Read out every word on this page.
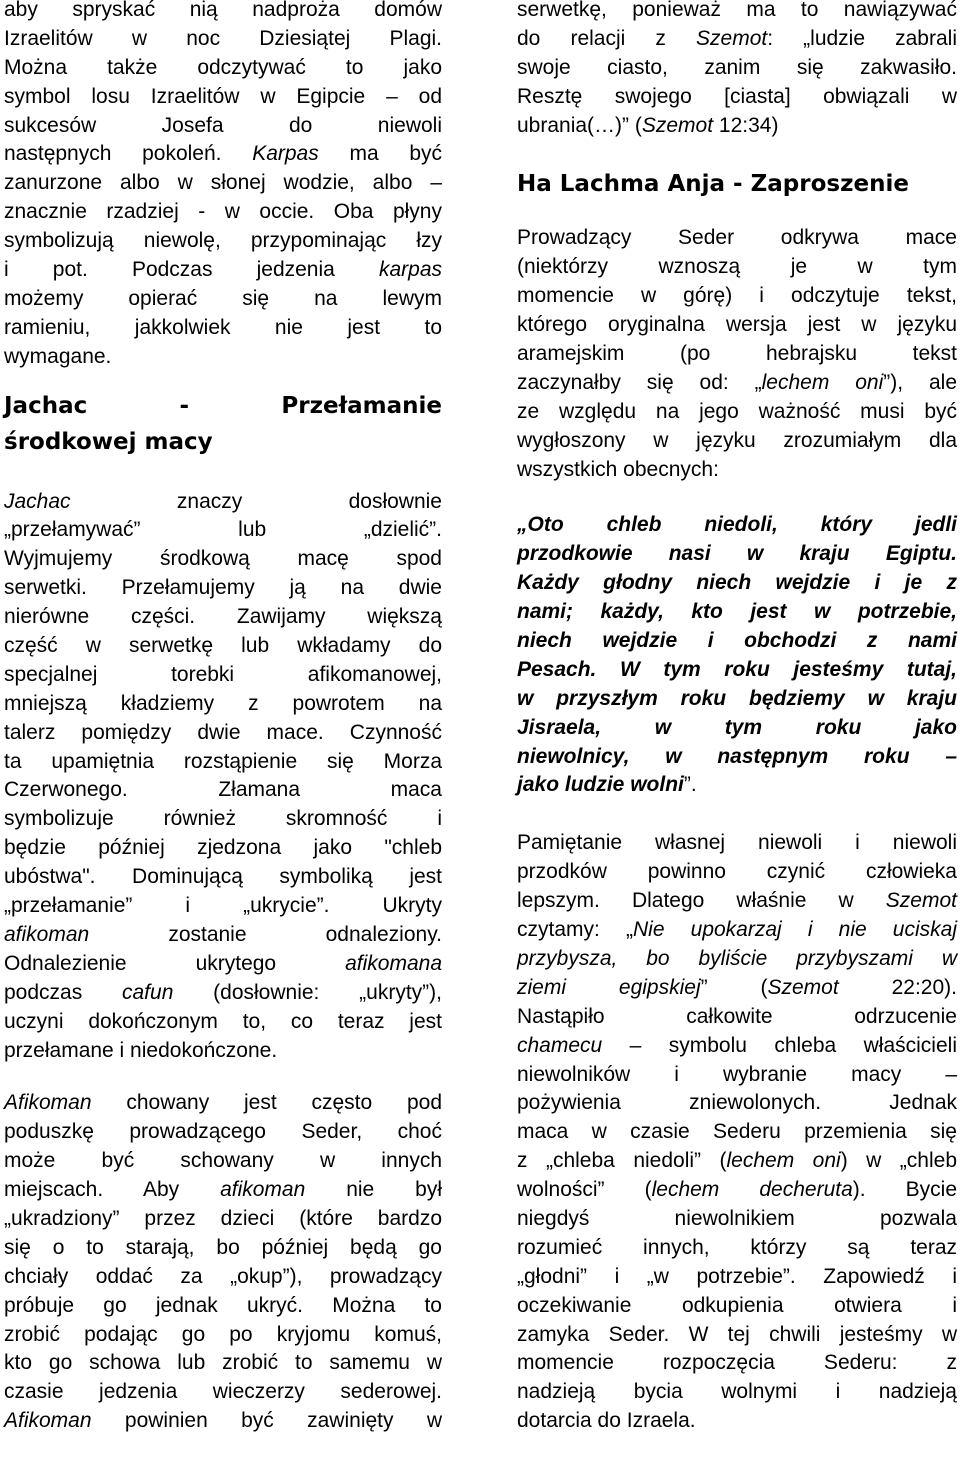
aby spryskać nią nadproża domów
Izraelitów w noc Dziesiątej Plagi.
Można także odczytywać to jako
symbol losu Izraelitów w Egipcie – od
sukcesów Josefa do niewoli
następnych pokoleń. Karpas ma być
zanurzone albo w słonej wodzie, albo –
znacznie rzadziej - w occie. Oba płyny
symbolizują niewolę, przypominając łzy
i pot. Podczas jedzenia karpas
możemy opierać się na lewym
ramieniu, jakkolwiek nie jest to
wymagane.
Jachac	-	Przełamanie
środkowej macy
Jachac	znaczy dosłownie
„przełamywać” lub „dzielić”.
Wyjmujemy środkową macę spod
serwetki. Przełamujemy ją na dwie
nierówne części. Zawijamy większą
część w serwetkę lub wkładamy do
specjalnej torebki afikomanowej,
mniejszą kładziemy z powrotem na
talerz pomiędzy dwie mace. Czynność
ta upamiętnia rozstąpienie się Morza
Czerwonego. Złamana maca
symbolizuje również skromność i
będzie później zjedzona jako "chleb
ubóstwa". Dominującą symboliką jest
„przełamanie” i „ukrycie”. Ukryty
afikoman	zostanie odnaleziony.
Odnalezienie ukrytego	afikomana
podczas cafun (dosłownie: „ukryty”),
uczyni dokończonym to, co teraz jest
przełamane i niedokończone.
Afikoman chowany jest często pod
poduszkę prowadzącego Seder, choć
może być schowany w innych
miejscach. Aby afikoman nie był
„ukradziony” przez dzieci (które bardzo
się o to starają, bo później będą go
chciały oddać za „okup”), prowadzący
próbuje go jednak ukryć. Można to
zrobić podając go po kryjomu komuś,
kto go schowa lub zrobić to samemu w
czasie jedzenia wieczerzy sederowej.
Afikoman powinien być zawinięty w
serwetkę, ponieważ ma to nawiązywać
do relacji z Szemot: „ludzie zabrali
swoje ciasto, zanim się zakwasiło.
Resztę swojego [ciasta] obwiązali w
ubrania(…)” (Szemot 12:34)
Ha Lachma Anja - Zaproszenie
Prowadzący Seder odkrywa mace
(niektórzy wznoszą je w tym
momencie w górę) i odczytuje tekst,
którego oryginalna wersja jest w języku
aramejskim (po hebrajsku tekst
zaczynałby się od: „lechem oni”), ale
ze względu na jego ważność musi być
wygłoszony w języku zrozumiałym dla
wszystkich obecnych:
„Oto chleb niedoli, który jedli
przodkowie nasi w kraju Egiptu.
Każdy głodny niech wejdzie i je z
nami; każdy, kto jest w potrzebie,
niech wejdzie i obchodzi z nami
Pesach. W tym roku jesteśmy tutaj,
w przyszłym roku będziemy w kraju
Jisraela, w tym roku jako
niewolnicy, w następnym roku –
jako ludzie wolni”.
Pamiętanie własnej niewoli i niewoli
przodków powinno czynić człowieka
lepszym. Dlatego właśnie w Szemot
czytamy: „Nie upokarzaj i nie uciskaj
przybysza, bo byliście przybyszami w
ziemi egipskiej” (Szemot	22:20).
Nastąpiło całkowite odrzucenie
chamecu – symbolu chleba właścicieli
niewolników i wybranie macy –
pożywienia zniewolonych. Jednak
maca w czasie Sederu przemienia się
z „chleba niedoli” (lechem oni) w „chleb
wolności” (lechem decheruta). Bycie
niegdyś niewolnikiem pozwala
rozumieć innych, którzy są teraz
„głodni” i „w potrzebie”. Zapowiedź i
oczekiwanie odkupienia otwiera i
zamyka Seder. W tej chwili jesteśmy w
momencie rozpoczęcia Sederu: z
nadzieją bycia wolnymi i nadzieją
dotarcia do Izraela.
